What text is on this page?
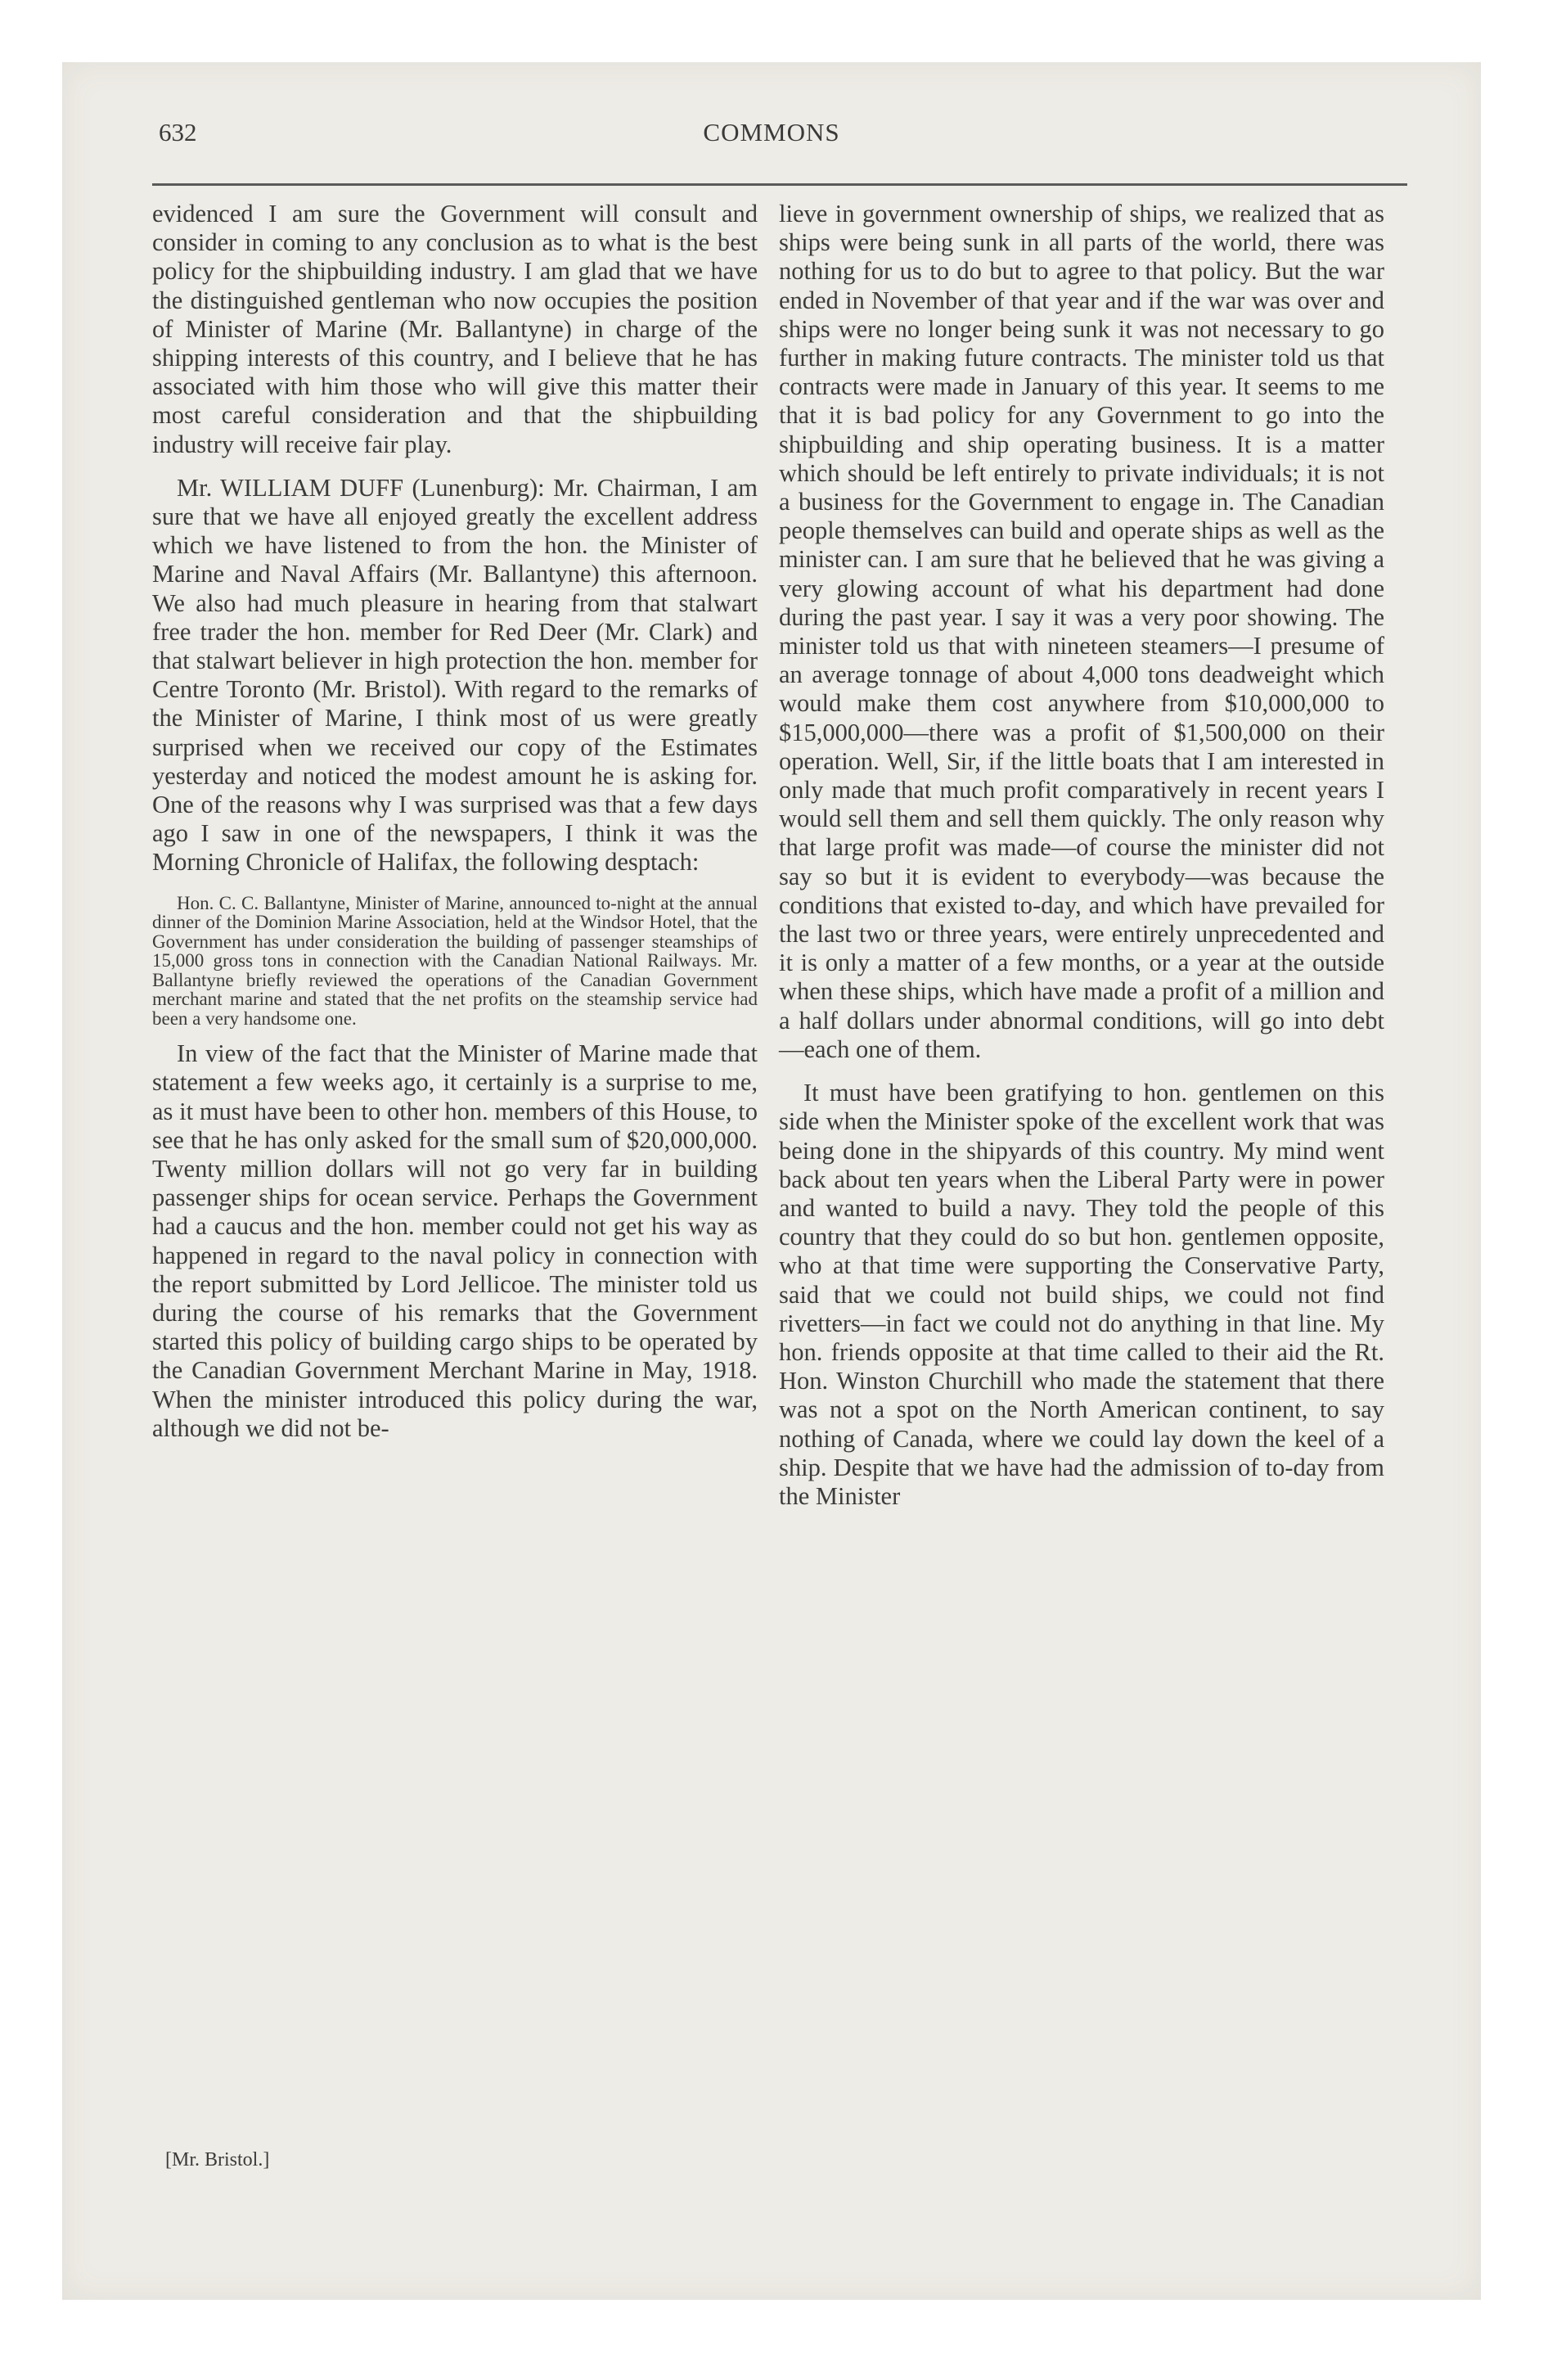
632	COMMONS

evidenced I am sure the Government will consult and consider in coming to any conclusion as to what is the best policy for the shipbuilding industry. I am glad that we have the distinguished gentleman who now occupies the position of Minister of Marine (Mr. Ballantyne) in charge of the shipping interests of this country, and I believe that he has associated with him those who will give this matter their most careful consideration and that the shipbuilding industry will receive fair play.

Mr. WILLIAM DUFF (Lunenburg): Mr. Chairman, I am sure that we have all enjoyed greatly the excellent address which we have listened to from the hon. the Minister of Marine and Naval Affairs (Mr. Ballantyne) this afternoon. We also had much pleasure in hearing from that stalwart free trader the hon. member for Red Deer (Mr. Clark) and that stalwart believer in high protection the hon. member for Centre Toronto (Mr. Bristol). With regard to the remarks of the Minister of Marine, I think most of us were greatly surprised when we received our copy of the Estimates yesterday and noticed the modest amount he is asking for. One of the reasons why I was surprised was that a few days ago I saw in one of the newspapers, I think it was the Morning Chronicle of Halifax, the following desptach:

Hon. C. C. Ballantyne, Minister of Marine, announced to-night at the annual dinner of the Dominion Marine Association, held at the Windsor Hotel, that the Government has under consideration the building of passenger steamships of 15,000 gross tons in connection with the Canadian National Railways. Mr. Ballantyne briefly reviewed the operations of the Canadian Government merchant marine and stated that the net profits on the steamship service had been a very handsome one.

In view of the fact that the Minister of Marine made that statement a few weeks ago, it certainly is a surprise to me, as it must have been to other hon. members of this House, to see that he has only asked for the small sum of $20,000,000. Twenty million dollars will not go very far in building passenger ships for ocean service. Perhaps the Government had a caucus and the hon. member could not get his way as happened in regard to the naval policy in connection with the report submitted by Lord Jellicoe. The minister told us during the course of his remarks that the Government started this policy of building cargo ships to be operated by the Canadian Government Merchant Marine in May, 1918. When the minister introduced this policy during the war, although we did not be-

lieve in government ownership of ships, we realized that as ships were being sunk in all parts of the world, there was nothing for us to do but to agree to that policy. But the war ended in November of that year and if the war was over and ships were no longer being sunk it was not necessary to go further in making future contracts. The minister told us that contracts were made in January of this year. It seems to me that it is bad policy for any Government to go into the shipbuilding and ship operating business. It is a matter which should be left entirely to private individuals; it is not a business for the Government to engage in. The Canadian people themselves can build and operate ships as well as the minister can. I am sure that he believed that he was giving a very glowing account of what his department had done during the past year. I say it was a very poor showing. The minister told us that with nineteen steamers—I presume of an average tonnage of about 4,000 tons deadweight which would make them cost anywhere from $10,000,000 to $15,000,000—there was a profit of $1,500,000 on their operation. Well, Sir, if the little boats that I am interested in only made that much profit comparatively in recent years I would sell them and sell them quickly. The only reason why that large profit was made—of course the minister did not say so but it is evident to everybody—was because the conditions that existed to-day, and which have prevailed for the last two or three years, were entirely unprecedented and it is only a matter of a few months, or a year at the outside when these ships, which have made a profit of a million and a half dollars under abnormal conditions, will go into debt—each one of them.

It must have been gratifying to hon. gentlemen on this side when the Minister spoke of the excellent work that was being done in the shipyards of this country. My mind went back about ten years when the Liberal Party were in power and wanted to build a navy. They told the people of this country that they could do so but hon. gentlemen opposite, who at that time were supporting the Conservative Party, said that we could not build ships, we could not find rivetters—in fact we could not do anything in that line. My hon. friends opposite at that time called to their aid the Rt. Hon. Winston Churchill who made the statement that there was not a spot on the North American continent, to say nothing of Canada, where we could lay down the keel of a ship. Despite that we have had the admission of to-day from the Minister

[Mr. Bristol.]
